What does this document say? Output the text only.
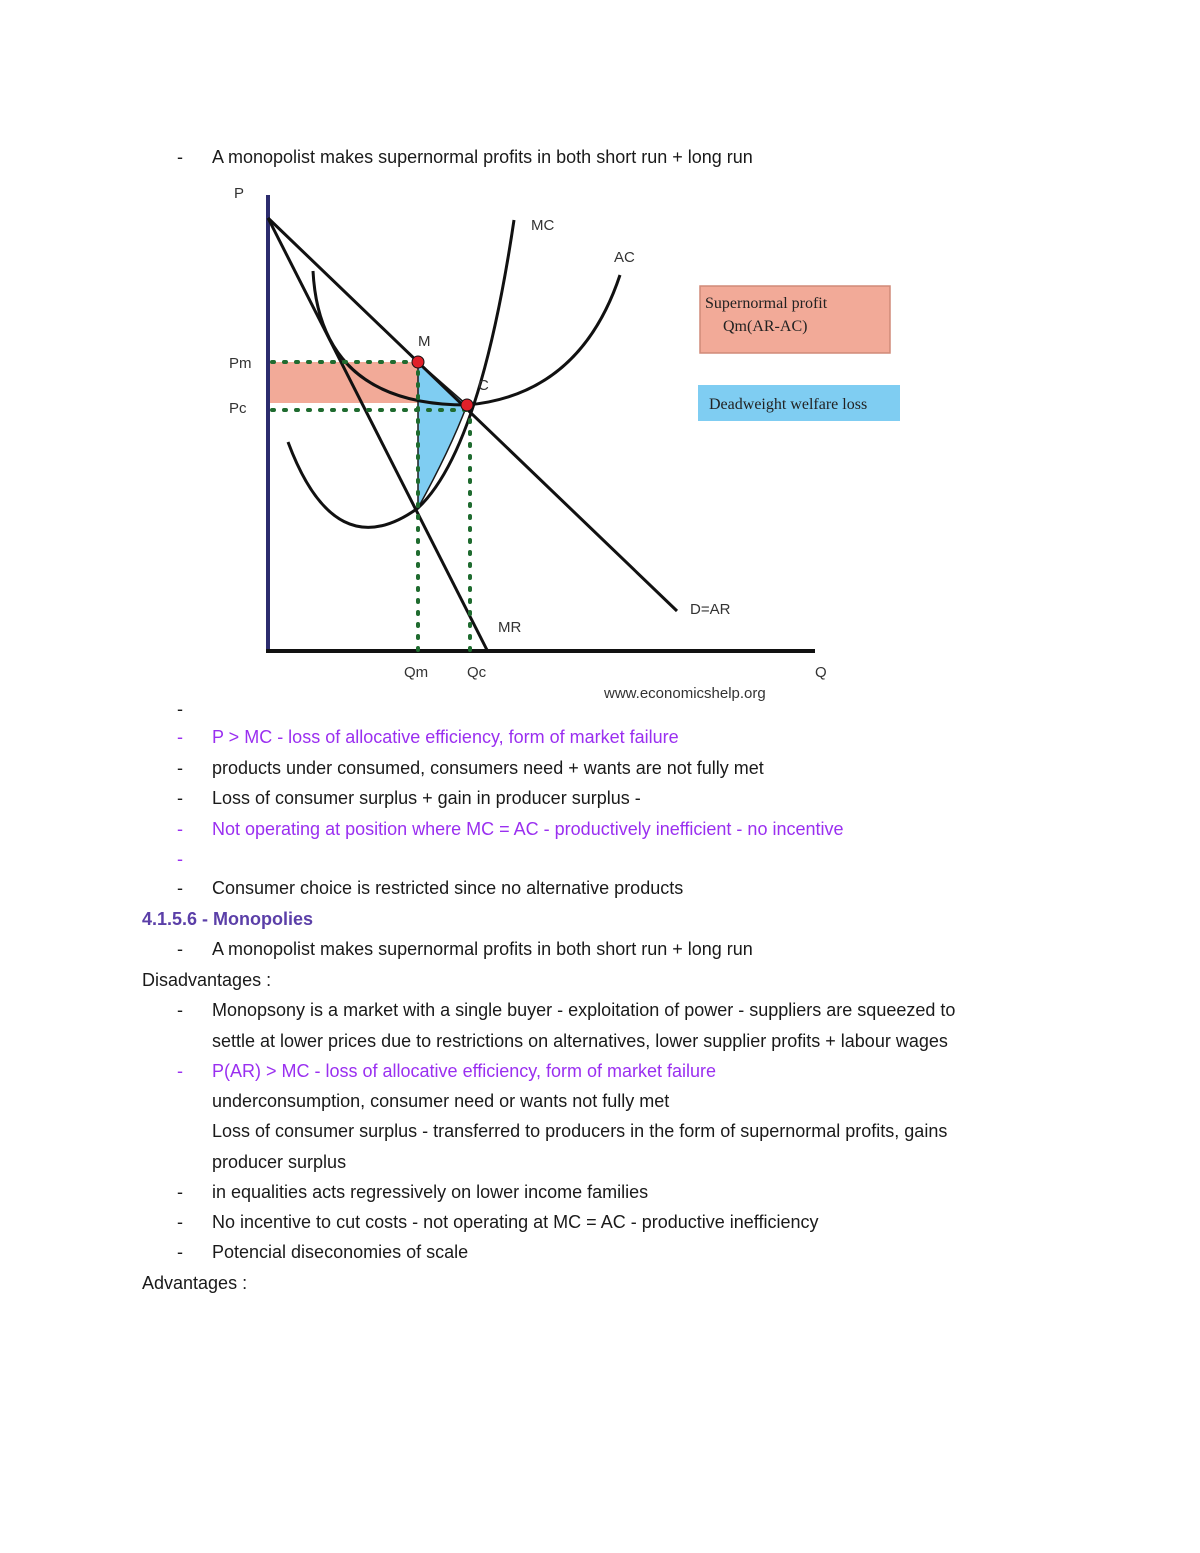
- A monopolist makes supernormal profits in both short run + long run
P
Q
MC
AC
M
C
Pm
Pc
Qm	Qc
MR
D=AR
www.economicshelp.org
Supernormal profit
Qm(AR-AC)
Deadweight welfare loss
-
- P > MC - loss of allocative efficiency, form of market failure
- products under consumed, consumers need + wants are not fully met
- Loss of consumer surplus + gain in producer surplus -
- Not operating at position where MC = AC - productively inefficient - no incentive
-
- Consumer choice is restricted since no alternative products
4.1.5.6 - Monopolies
- A monopolist makes supernormal profits in both short run + long run
Disadvantages :
- Monopsony is a market with a single buyer - exploitation of power - suppliers are squeezed to
settle at lower prices due to restrictions on alternatives, lower supplier profits + labour wages
- P(AR) > MC - loss of allocative efficiency, form of market failure
underconsumption, consumer need or wants not fully met
Loss of consumer surplus - transferred to producers in the form of supernormal profits, gains
producer surplus
- in equalities acts regressively on lower income families
- No incentive to cut costs - not operating at MC = AC - productive inefficiency
- Potencial diseconomies of scale
Advantages :
